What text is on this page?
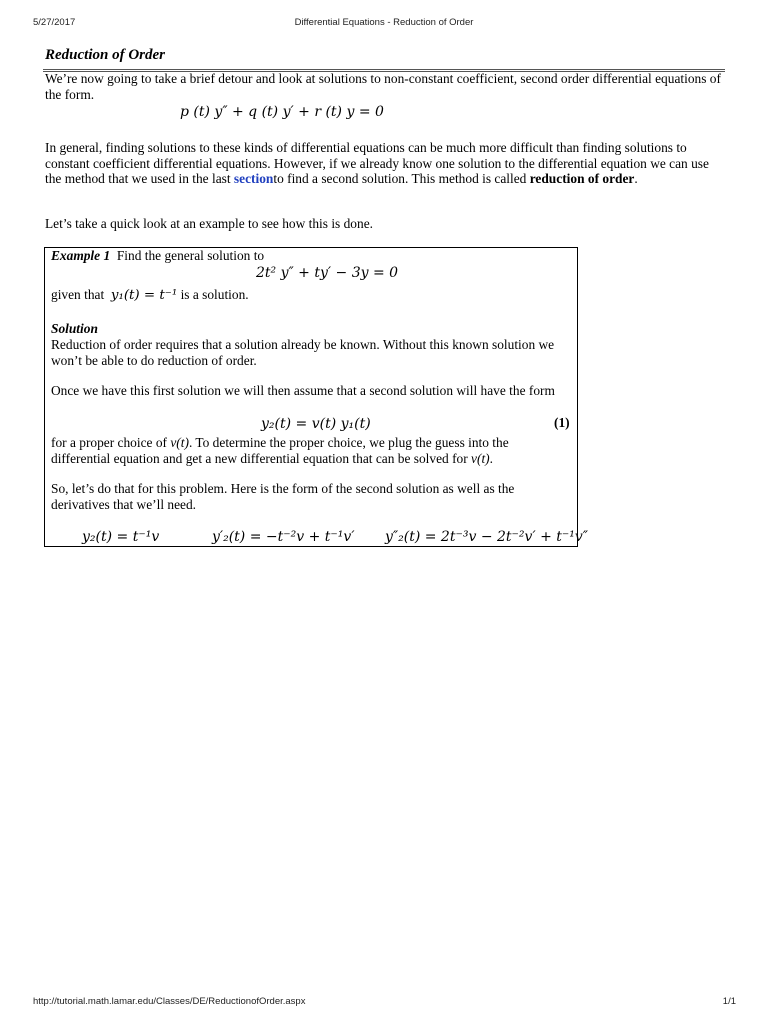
5/27/2017	Differential Equations - Reduction of Order
Reduction of Order
We’re now going to take a brief detour and look at solutions to non-constant coefficient, second order differential equations of the form.
p (t) y″ + q (t) y′ + r (t) y = 0
In general, finding solutions to these kinds of differential equations can be much more difficult than finding solutions to constant coefficient differential equations. However, if we already know one solution to the differential equation we can use the method that we used in the last sectionto find a second solution. This method is called reduction of order.
Let’s take a quick look at an example to see how this is done.
Example 1 Find the general solution to
2t² y″ + ty′ − 3y = 0
given that y₁(t) = t⁻¹ is a solution.
Solution
Reduction of order requires that a solution already be known. Without this known solution we won’t be able to do reduction of order.
Once we have this first solution we will then assume that a second solution will have the form
y₂(t) = v(t) y₁(t)	(1)
for a proper choice of v(t). To determine the proper choice, we plug the guess into the differential equation and get a new differential equation that can be solved for v(t).
So, let’s do that for this problem. Here is the form of the second solution as well as the derivatives that we’ll need.
y₂(t) = t⁻¹v	y′₂(t) = −t⁻²v + t⁻¹v′ y″₂(t) = 2t⁻³v − 2t⁻²v′ + t⁻¹v″
http://tutorial.math.lamar.edu/Classes/DE/ReductionofOrder.aspx	1/1
